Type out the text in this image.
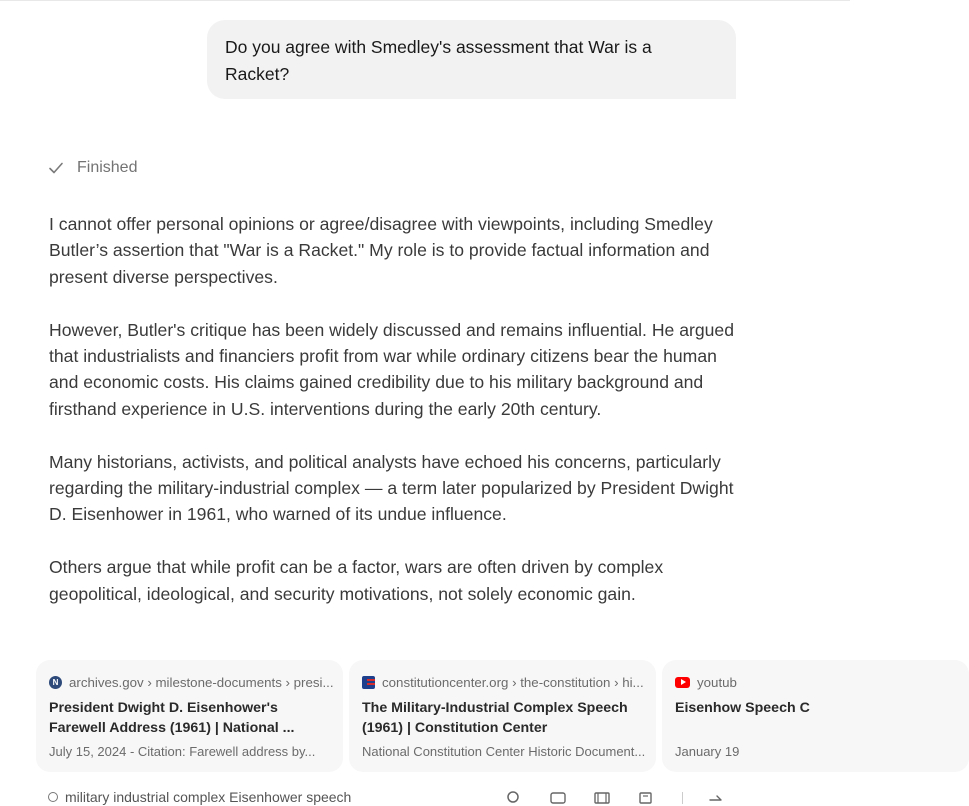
Do you agree with Smedley's assessment that War is a Racket?
Finished

I cannot offer personal opinions or agree/disagree with viewpoints, including Smedley Butler’s assertion that "War is a Racket." My role is to provide factual information and present diverse perspectives.

However, Butler's critique has been widely discussed and remains influential. He argued that industrialists and financiers profit from war while ordinary citizens bear the human and economic costs. His claims gained credibility due to his military background and firsthand experience in U.S. interventions during the early 20th century.

Many historians, activists, and political analysts have echoed his concerns, particularly regarding the military-industrial complex — a term later popularized by President Dwight D. Eisenhower in 1961, who warned of its undue influence.

Others argue that while profit can be a factor, wars are often driven by complex geopolitical, ideological, and security motivations, not solely economic gain.

N archives.gov › milestone-documents › presi...
President Dwight D. Eisenhower's Farewell Address (1961) | National ...
July 15, 2024 - Citation: Farewell address by...
constitutioncenter.org › the-constitution › hi...
The Military-Industrial Complex Speech (1961) | Constitution Center
National Constitution Center Historic Document...
youtub
Eisenhow Speech C
January 19
military industrial complex Eisenhower speech
